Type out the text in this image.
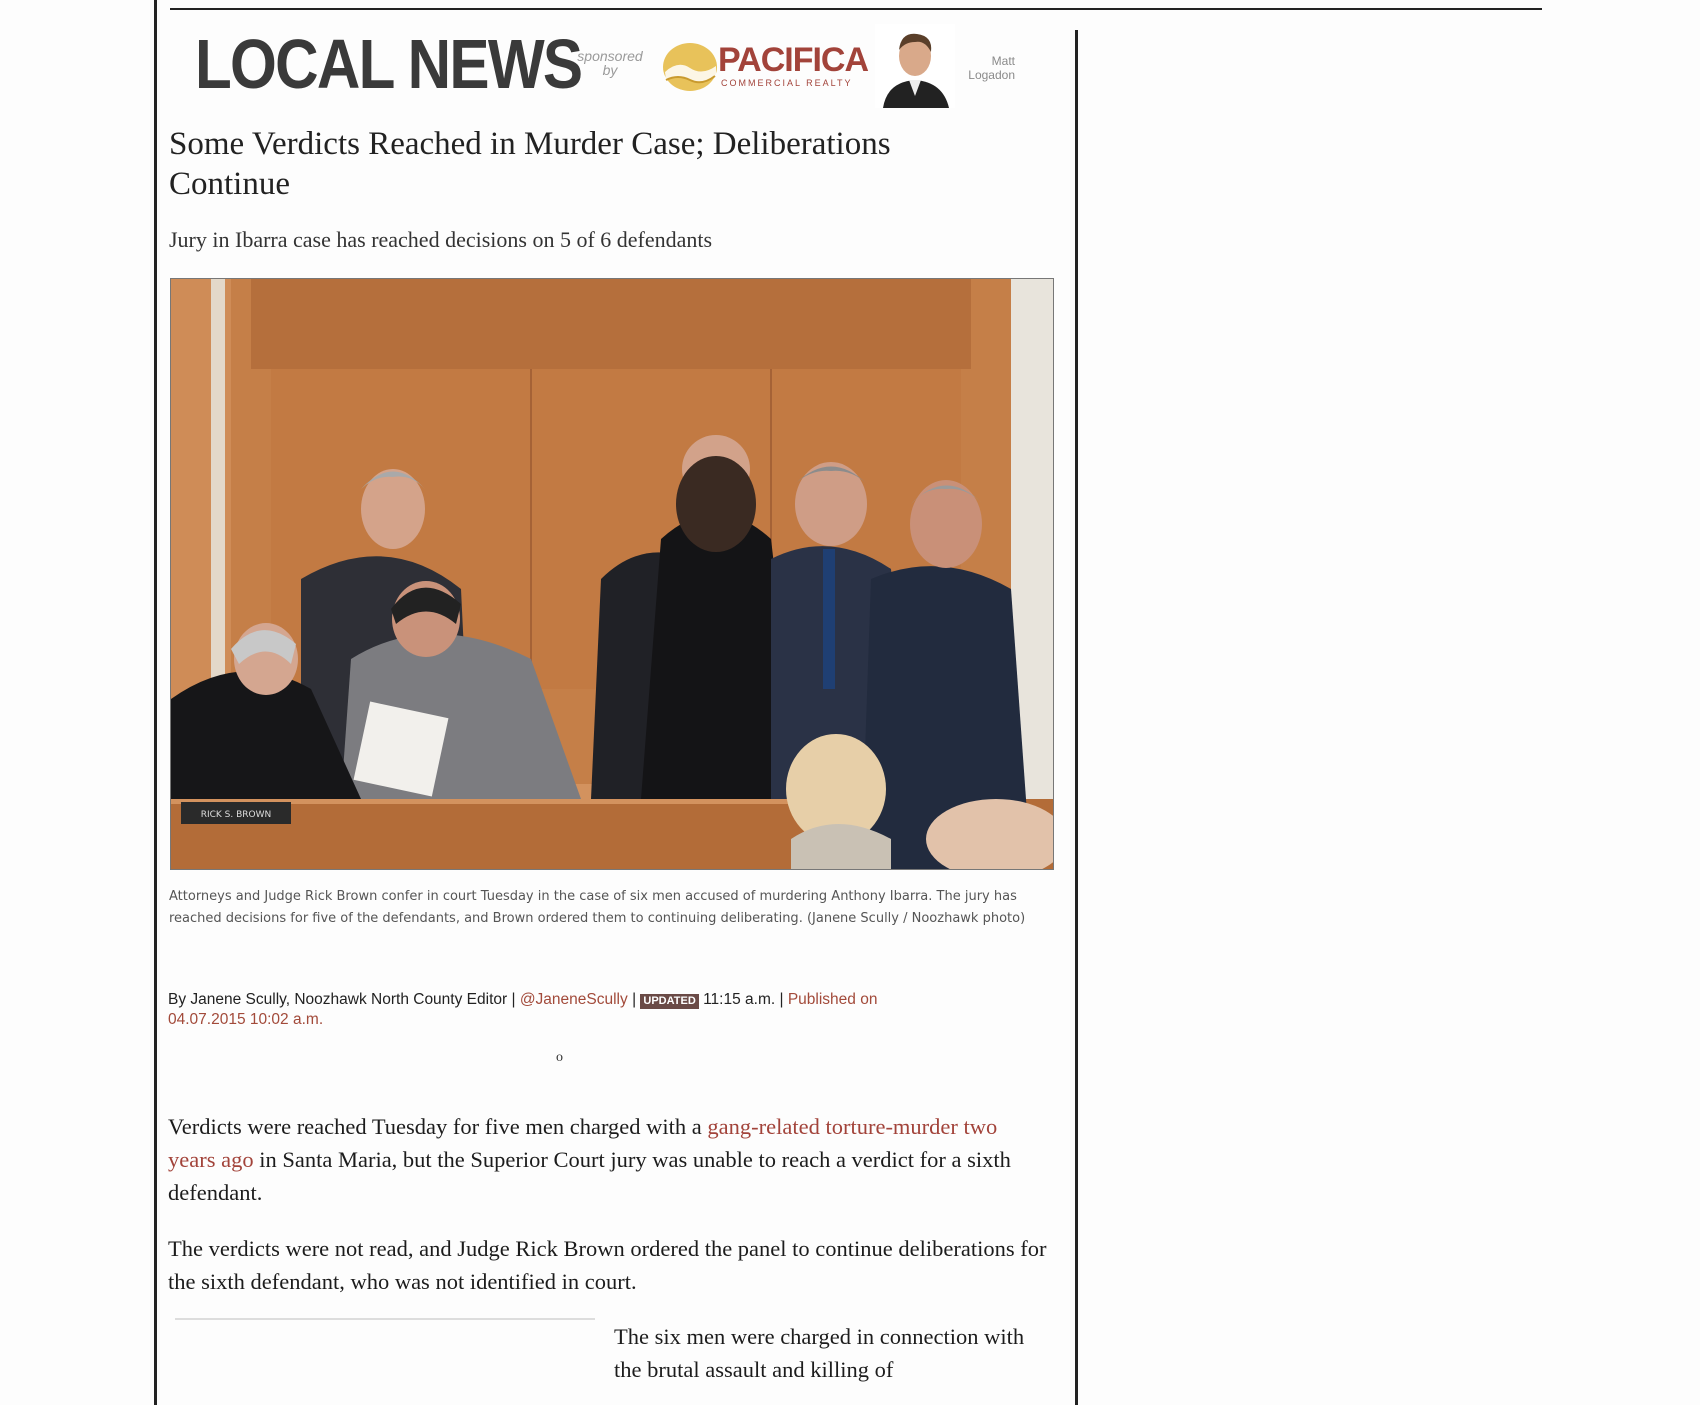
LOCAL NEWS
sponsored
by	PACIFICA
COMMERCIAL REALTY
Matt
Logadon
Some Verdicts Reached in Murder Case; Deliberations Continue
Jury in Ibarra case has reached decisions on 5 of 6 defendants
RICK S. BROWN
Attorneys and Judge Rick Brown confer in court Tuesday in the case of six men accused of murdering Anthony Ibarra. The jury has reached decisions for five of the defendants, and Brown ordered them to continuing deliberating. (Janene Scully / Noozhawk photo)
By Janene Scully, Noozhawk North County Editor | @JaneneScully | UPDATED 11:15 a.m. | Published on
04.07.2015 10:02 a.m.
o
Verdicts were reached Tuesday for five men charged with a gang-related torture-murder two years ago in Santa Maria, but the Superior Court jury was unable to reach a verdict for a sixth defendant.
The verdicts were not read, and Judge Rick Brown ordered the panel to continue deliberations for the sixth defendant, who was not identified in court.
The six men were charged in connection with the brutal assault and killing of
